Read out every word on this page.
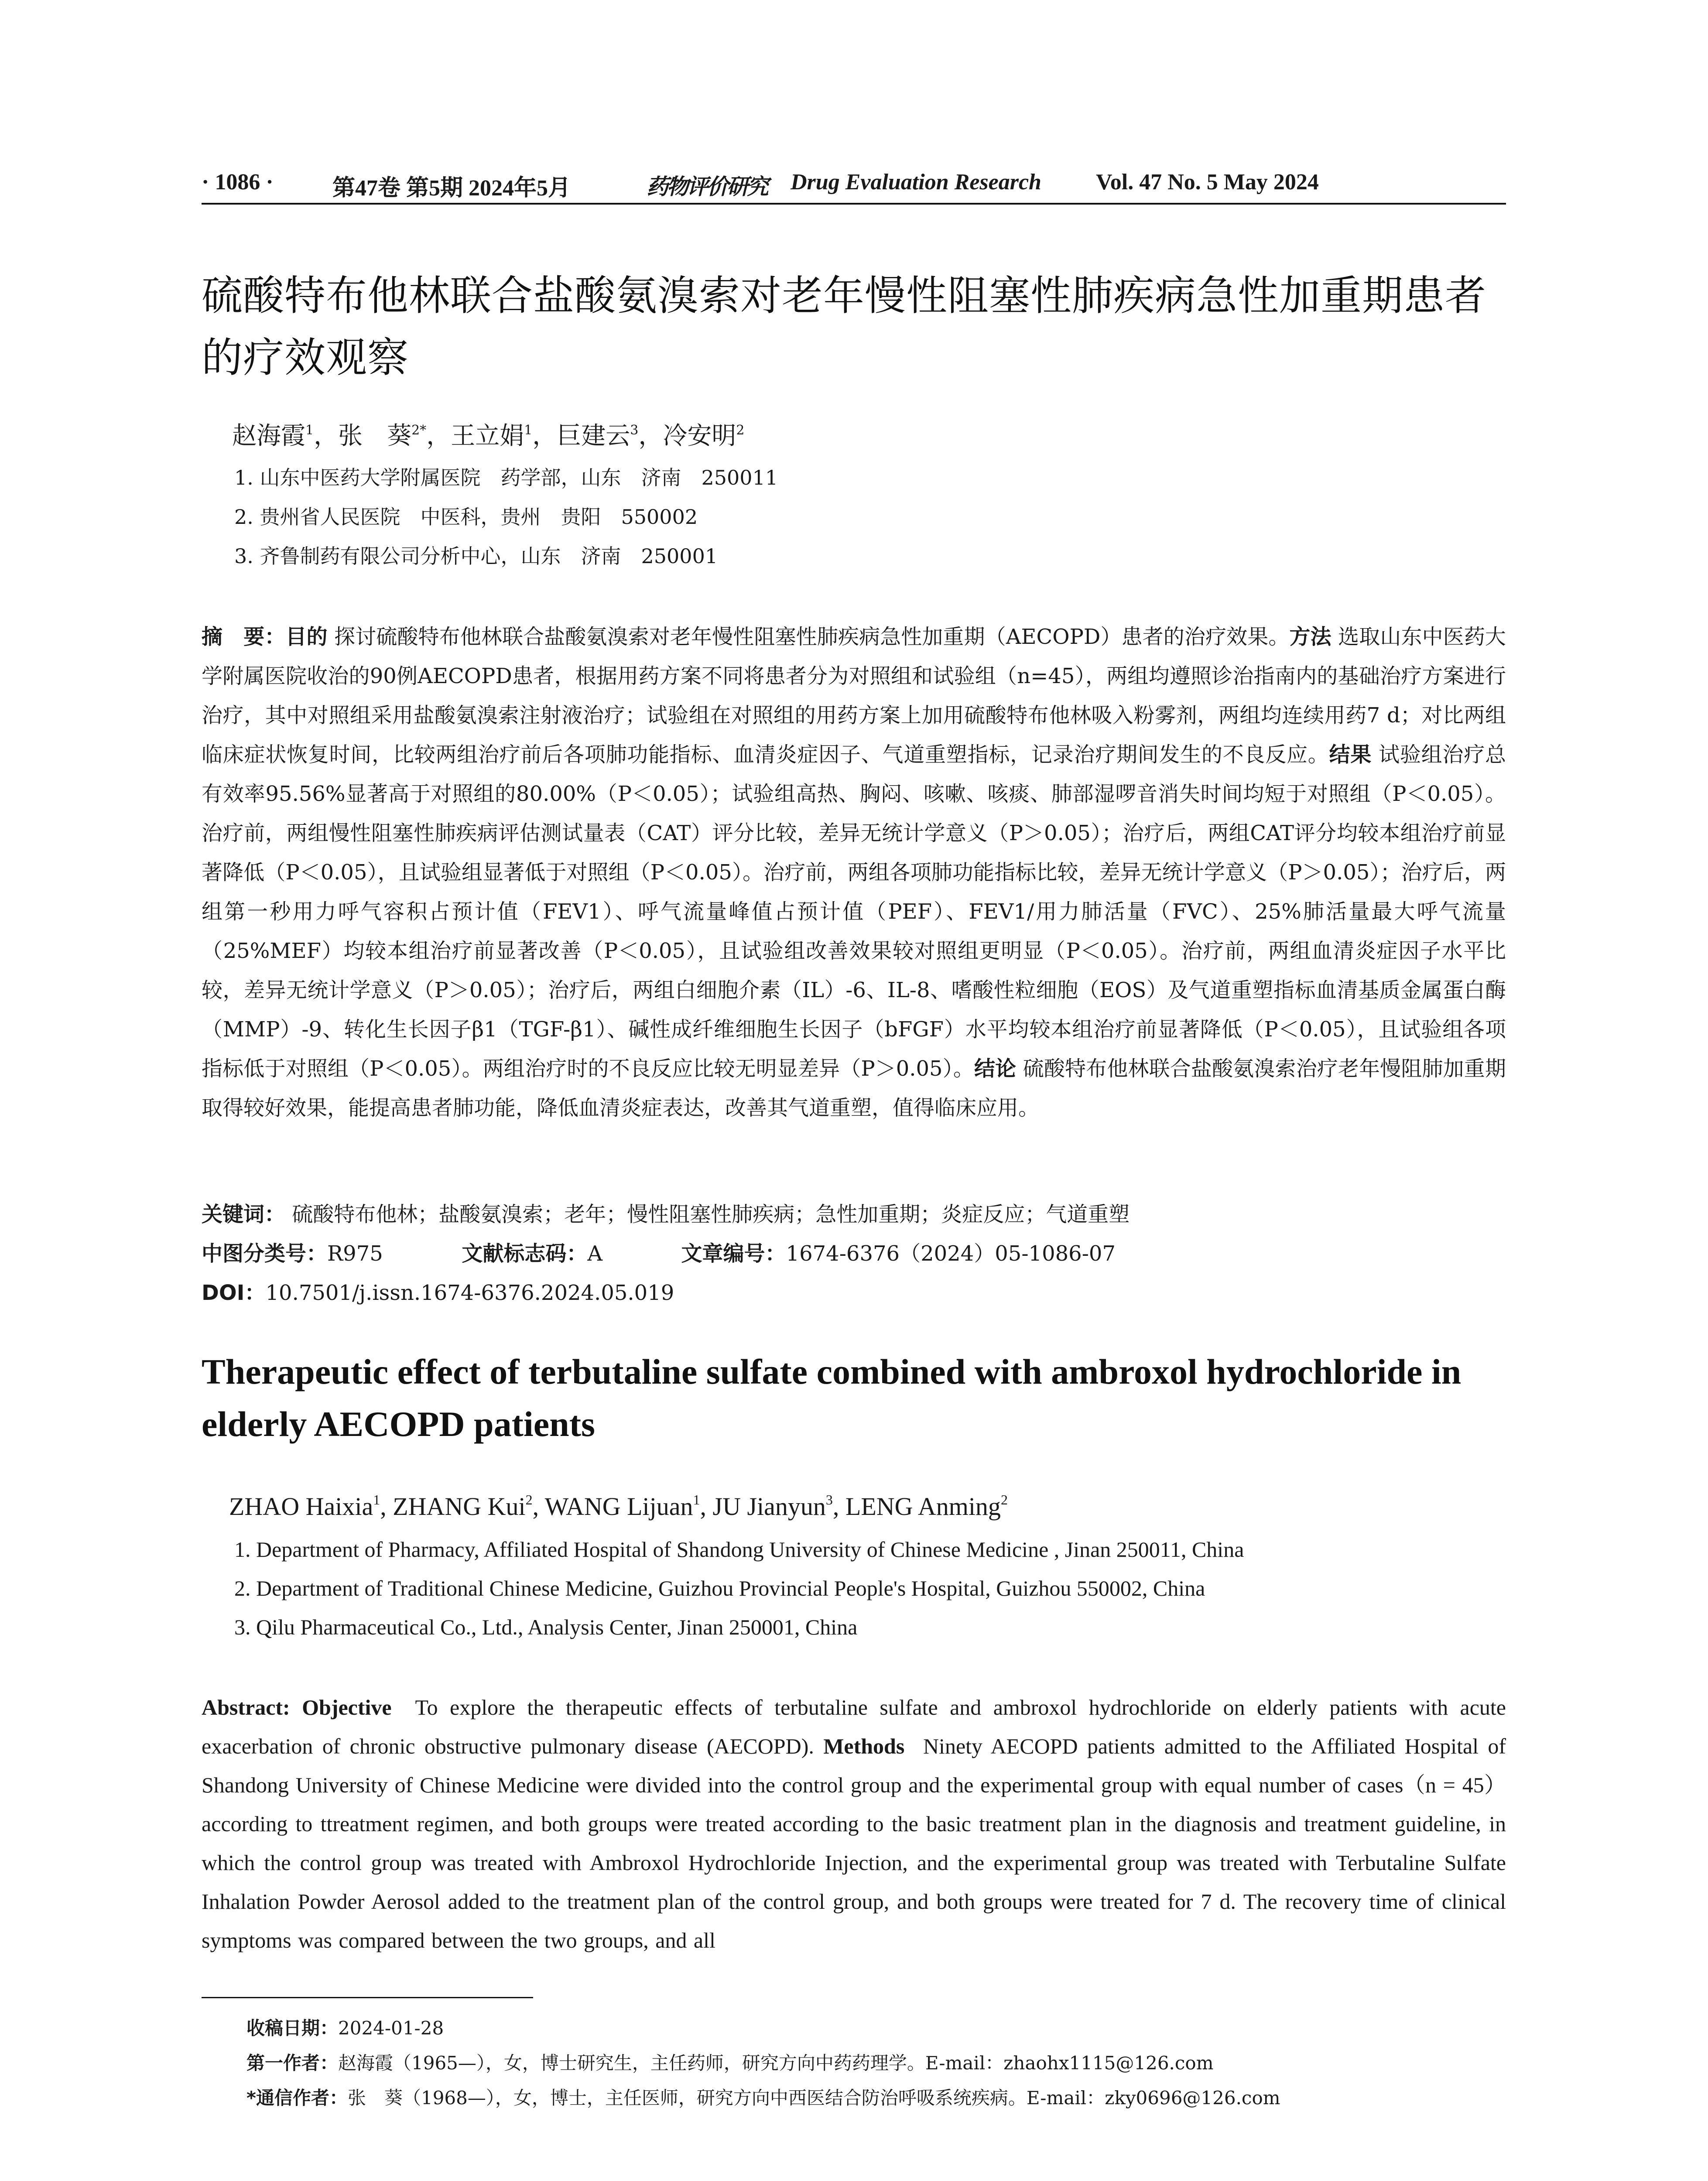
· 1086 ·	第47卷 第5期 2024年5月	药物评价研究 Drug Evaluation Research Vol. 47 No. 5 May 2024
硫酸特布他林联合盐酸氨溴索对老年慢性阻塞性肺疾病急性加重期患者的疗效观察
赵海霞$^1$，张　葵$^{2*}$，王立娟$^1$，巨建云$^3$，冷安明$^2$
1. 山东中医药大学附属医院　药学部，山东　济南　250011
2. 贵州省人民医院　中医科，贵州　贵阳　550002
3. 齐鲁制药有限公司分析中心，山东　济南　250001
摘　要：目的 探讨硫酸特布他林联合盐酸氨溴索对老年慢性阻塞性肺疾病急性加重期（AECOPD）患者的治疗效果。方法 选取山东中医药大学附属医院收治的90例AECOPD患者，根据用药方案不同将患者分为对照组和试验组（n=45），两组均遵照诊治指南内的基础治疗方案进行治疗，其中对照组采用盐酸氨溴索注射液治疗；试验组在对照组的用药方案上加用硫酸特布他林吸入粉雾剂，两组均连续用药7 d；对比两组临床症状恢复时间，比较两组治疗前后各项肺功能指标、血清炎症因子、气道重塑指标，记录治疗期间发生的不良反应。结果 试验组治疗总有效率95.56%显著高于对照组的80.00%（P＜0.05）；试验组高热、胸闷、咳嗽、咳痰、肺部湿啰音消失时间均短于对照组（P＜0.05）。治疗前，两组慢性阻塞性肺疾病评估测试量表（CAT）评分比较，差异无统计学意义（P＞0.05）；治疗后，两组CAT评分均较本组治疗前显著降低（P＜0.05），且试验组显著低于对照组（P＜0.05）。治疗前，两组各项肺功能指标比较，差异无统计学意义（P＞0.05）；治疗后，两组第一秒用力呼气容积占预计值（FEV1）、呼气流量峰值占预计值（PEF）、FEV1/用力肺活量（FVC）、25%肺活量最大呼气流量（25%MEF）均较本组治疗前显著改善（P＜0.05），且试验组改善效果较对照组更明显（P＜0.05）。治疗前，两组血清炎症因子水平比较，差异无统计学意义（P＞0.05）；治疗后，两组白细胞介素（IL）-6、IL-8、嗜酸性粒细胞（EOS）及气道重塑指标血清基质金属蛋白酶（MMP）-9、转化生长因子β1（TGF-β1）、碱性成纤维细胞生长因子（bFGF）水平均较本组治疗前显著降低（P＜0.05），且试验组各项指标低于对照组（P＜0.05）。两组治疗时的不良反应比较无明显差异（P＞0.05）。结论 硫酸特布他林联合盐酸氨溴索治疗老年慢阻肺加重期取得较好效果，能提高患者肺功能，降低血清炎症表达，改善其气道重塑，值得临床应用。
关键词： 硫酸特布他林；盐酸氨溴索；老年；慢性阻塞性肺疾病；急性加重期；炎症反应；气道重塑
中图分类号：R975	文献标志码：A	文章编号：1674-6376（2024）05-1086-07
DOI：10.7501/j.issn.1674-6376.2024.05.019
Therapeutic effect of terbutaline sulfate combined with ambroxol hydrochloride in elderly AECOPD patients
ZHAO Haixia$^1$, ZHANG Kui$^2$, WANG Lijuan$^1$, JU Jianyun$^3$, LENG Anming$^2$
1. Department of Pharmacy, Affiliated Hospital of Shandong University of Chinese Medicine , Jinan 250011, China
2. Department of Traditional Chinese Medicine, Guizhou Provincial People's Hospital, Guizhou 550002, China
3. Qilu Pharmaceutical Co., Ltd., Analysis Center, Jinan 250001, China
Abstract: Objective To explore the therapeutic effects of terbutaline sulfate and ambroxol hydrochloride on elderly patients with acute exacerbation of chronic obstructive pulmonary disease (AECOPD). Methods Ninety AECOPD patients admitted to the Affiliated Hospital of Shandong University of Chinese Medicine were divided into the control group and the experimental group with equal number of cases（n = 45）according to ttreatment regimen, and both groups were treated according to the basic treatment plan in the diagnosis and treatment guideline, in which the control group was treated with Ambroxol Hydrochloride Injection, and the experimental group was treated with Terbutaline Sulfate Inhalation Powder Aerosol added to the treatment plan of the control group, and both groups were treated for 7 d. The recovery time of clinical symptoms was compared between the two groups, and all
收稿日期：2024-01-28
第一作者：赵海霞（1965—），女，博士研究生，主任药师，研究方向中药药理学。E-mail：zhaohx1115@126.com
*通信作者：张　葵（1968—），女，博士，主任医师，研究方向中西医结合防治呼吸系统疾病。E-mail：zky0696@126.com
